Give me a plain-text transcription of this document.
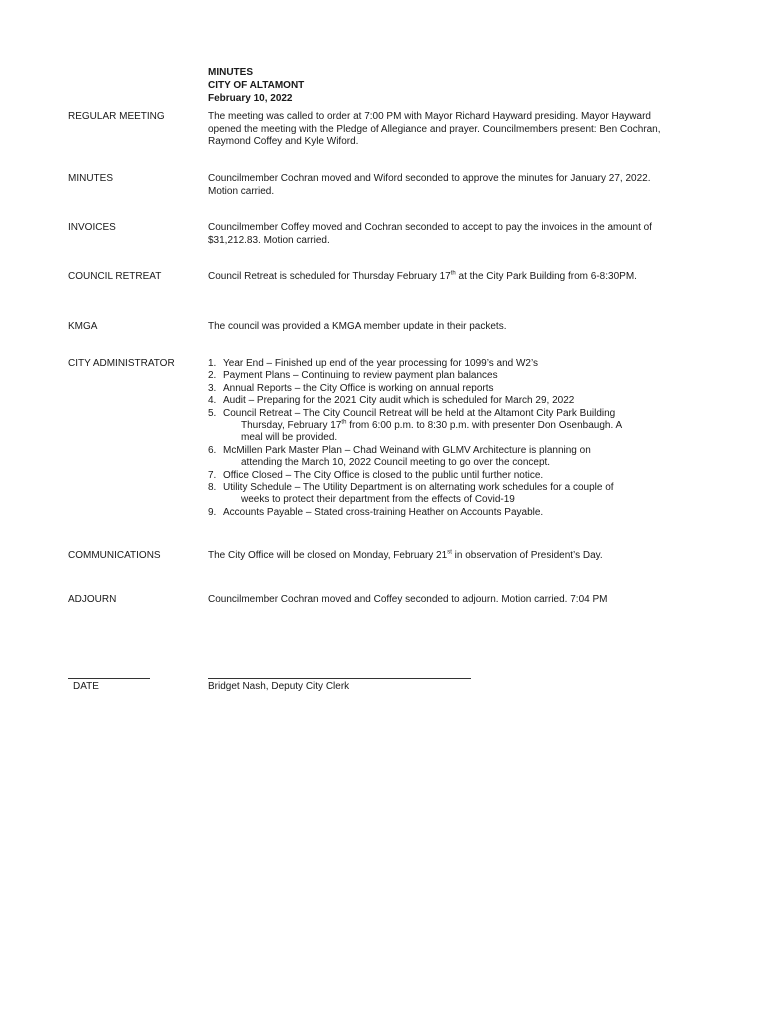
MINUTES
CITY OF ALTAMONT
February 10, 2022
REGULAR MEETING	The meeting was called to order at 7:00 PM with Mayor Richard Hayward presiding. Mayor Hayward opened the meeting with the Pledge of Allegiance and prayer. Councilmembers present: Ben Cochran, Raymond Coffey and Kyle Wiford.
MINUTES	Councilmember Cochran moved and Wiford seconded to approve the minutes for January 27, 2022. Motion carried.
INVOICES	Councilmember Coffey moved and Cochran seconded to accept to pay the invoices in the amount of $31,212.83. Motion carried.
COUNCIL RETREAT	Council Retreat is scheduled for Thursday February 17th at the City Park Building from 6-8:30PM.
KMGA	The council was provided a KMGA member update in their packets.
CITY ADMINISTRATOR	1. Year End – Finished up end of the year processing for 1099’s and W2’s
2. Payment Plans – Continuing to review payment plan balances
3. Annual Reports – the City Office is working on annual reports
4. Audit – Preparing for the 2021 City audit which is scheduled for March 29, 2022
5. Council Retreat – The City Council Retreat will be held at the Altamont City Park Building
Thursday, February 17th from 6:00 p.m. to 8:30 p.m. with presenter Don Osenbaugh. A
meal will be provided.
6. McMillen Park Master Plan – Chad Weinand with GLMV Architecture is planning on
attending the March 10, 2022 Council meeting to go over the concept.
7. Office Closed – The City Office is closed to the public until further notice.
8. Utility Schedule – The Utility Department is on alternating work schedules for a couple of
weeks to protect their department from the effects of Covid-19
9. Accounts Payable – Stated cross-training Heather on Accounts Payable.
COMMUNICATIONS	The City Office will be closed on Monday, February 21st in observation of President’s Day.
ADJOURN	Councilmember Cochran moved and Coffey seconded to adjourn. Motion carried. 7:04 PM
DATE	Bridget Nash, Deputy City Clerk
